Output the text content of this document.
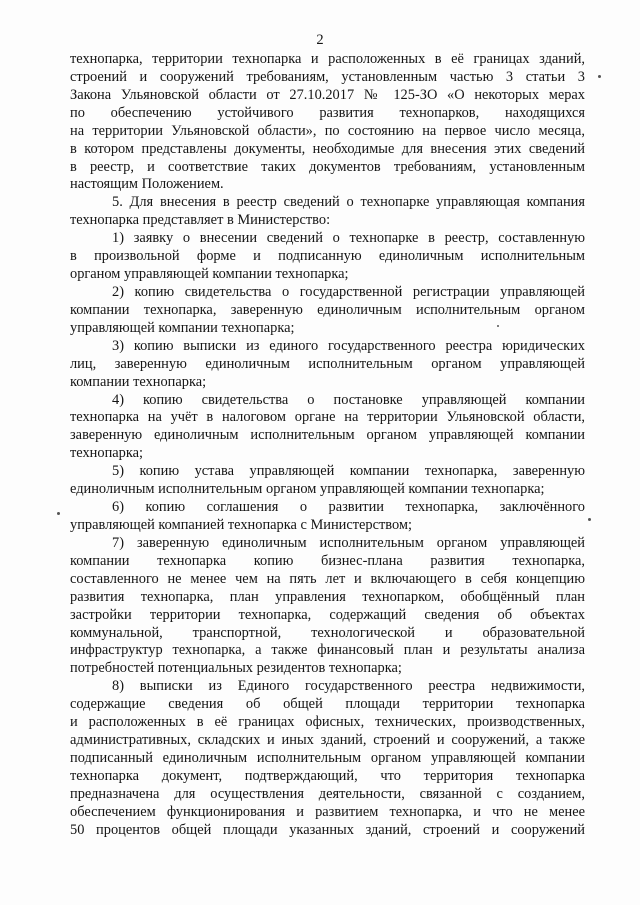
2
технопарка, территории технопарка и расположенных в её границах зданий,
строений и сооружений требованиям, установленным частью 3 статьи 3
Закона Ульяновской области от 27.10.2017 № 125-ЗО «О некоторых мерах
по обеспечению устойчивого развития технопарков, находящихся
на территории Ульяновской области», по состоянию на первое число месяца,
в котором представлены документы, необходимые для внесения этих сведений
в реестр, и соответствие таких документов требованиям, установленным
настоящим Положением.
5. Для внесения в реестр сведений о технопарке управляющая компания
технопарка представляет в Министерство:
1) заявку о внесении сведений о технопарке в реестр, составленную
в произвольной форме и подписанную единоличным исполнительным
органом управляющей компании технопарка;
2) копию свидетельства о государственной регистрации управляющей
компании технопарка, заверенную единоличным исполнительным органом
управляющей компании технопарка;
3) копию выписки из единого государственного реестра юридических
лиц, заверенную единоличным исполнительным органом управляющей
компании технопарка;
4) копию свидетельства о постановке управляющей компании
технопарка на учёт в налоговом органе на территории Ульяновской области,
заверенную единоличным исполнительным органом управляющей компании
технопарка;
5) копию устава управляющей компании технопарка, заверенную
единоличным исполнительным органом управляющей компании технопарка;
6) копию соглашения о развитии технопарка, заключённого
управляющей компанией технопарка с Министерством;
7) заверенную единоличным исполнительным органом управляющей
компании технопарка копию бизнес-плана развития технопарка,
составленного не менее чем на пять лет и включающего в себя концепцию
развития технопарка, план управления технопарком, обобщённый план
застройки территории технопарка, содержащий сведения об объектах
коммунальной, транспортной, технологической и образовательной
инфраструктур технопарка, а также финансовый план и результаты анализа
потребностей потенциальных резидентов технопарка;
8) выписки из Единого государственного реестра недвижимости,
содержащие сведения об общей площади территории технопарка
и расположенных в её границах офисных, технических, производственных,
административных, складских и иных зданий, строений и сооружений, а также
подписанный единоличным исполнительным органом управляющей компании
технопарка документ, подтверждающий, что территория технопарка
предназначена для осуществления деятельности, связанной с созданием,
обеспечением функционирования и развитием технопарка, и что не менее
50 процентов общей площади указанных зданий, строений и сооружений
